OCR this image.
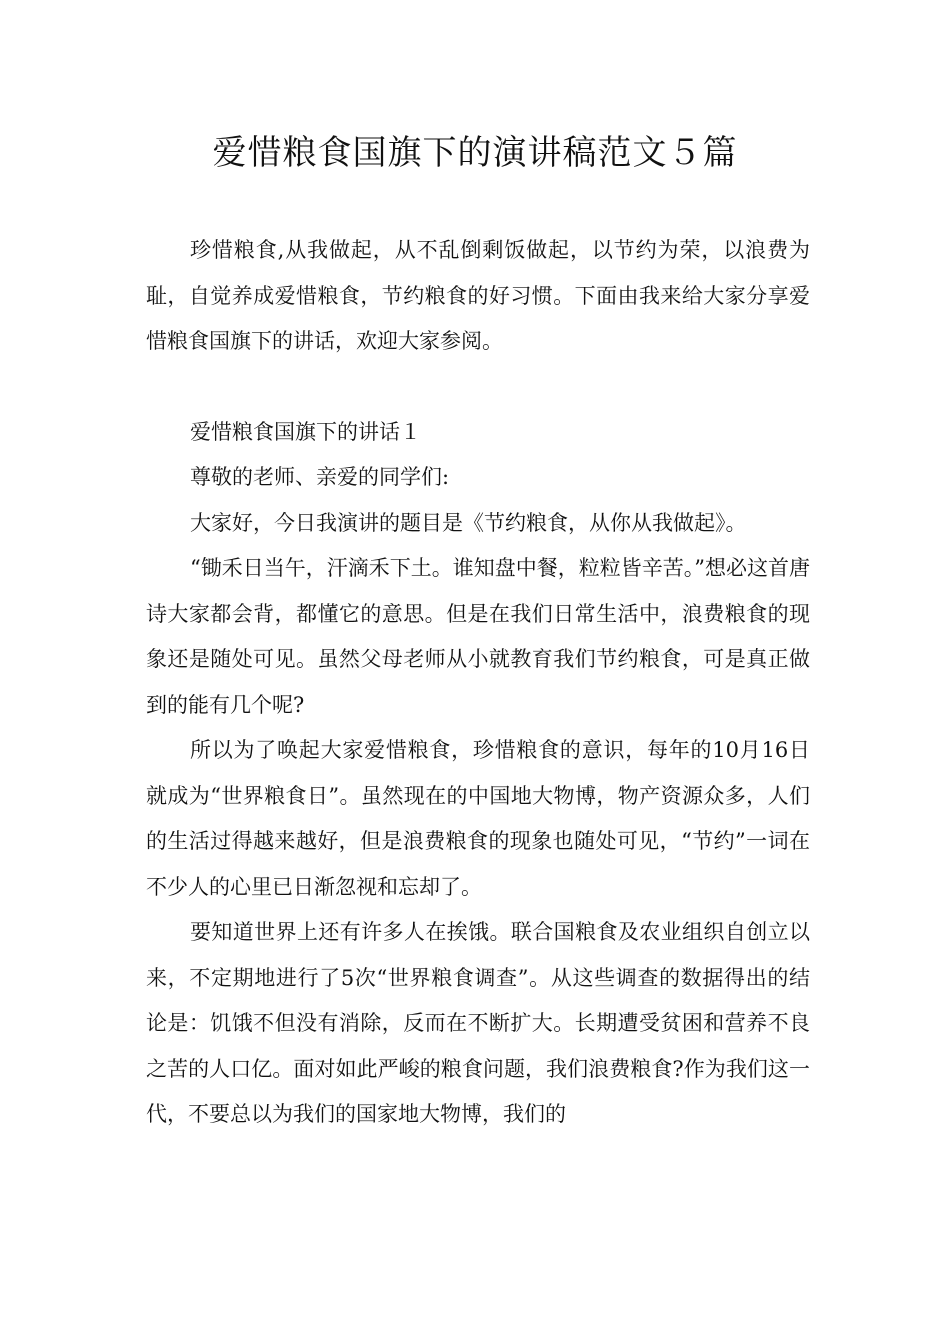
爱惜粮食国旗下的演讲稿范文５篇

珍惜粮食,从我做起，从不乱倒剩饭做起，以节约为荣，以浪费为耻，自觉养成爱惜粮食，节约粮食的好习惯。下面由我来给大家分享爱惜粮食国旗下的讲话，欢迎大家参阅。

爱惜粮食国旗下的讲话１

尊敬的老师、亲爱的同学们:

大家好，今日我演讲的题目是《节约粮食，从你从我做起》。

“锄禾日当午，汗滴禾下土。谁知盘中餐，粒粒皆辛苦。”想必这首唐诗大家都会背，都懂它的意思。但是在我们日常生活中，浪费粮食的现象还是随处可见。虽然父母老师从小就教育我们节约粮食，可是真正做到的能有几个呢?

所以为了唤起大家爱惜粮食，珍惜粮食的意识，每年的10月16日就成为“世界粮食日”。虽然现在的中国地大物博，物产资源众多，人们的生活过得越来越好，但是浪费粮食的现象也随处可见，“节约”一词在不少人的心里已日渐忽视和忘却了。

要知道世界上还有许多人在挨饿。联合国粮食及农业组织自创立以来，不定期地进行了5次“世界粮食调查”。从这些调查的数据得出的结论是：饥饿不但没有消除，反而在不断扩大。长期遭受贫困和营养不良之苦的人口亿。面对如此严峻的粮食问题，我们浪费粮食?作为我们这一代，不要总以为我们的国家地大物博，我们的
